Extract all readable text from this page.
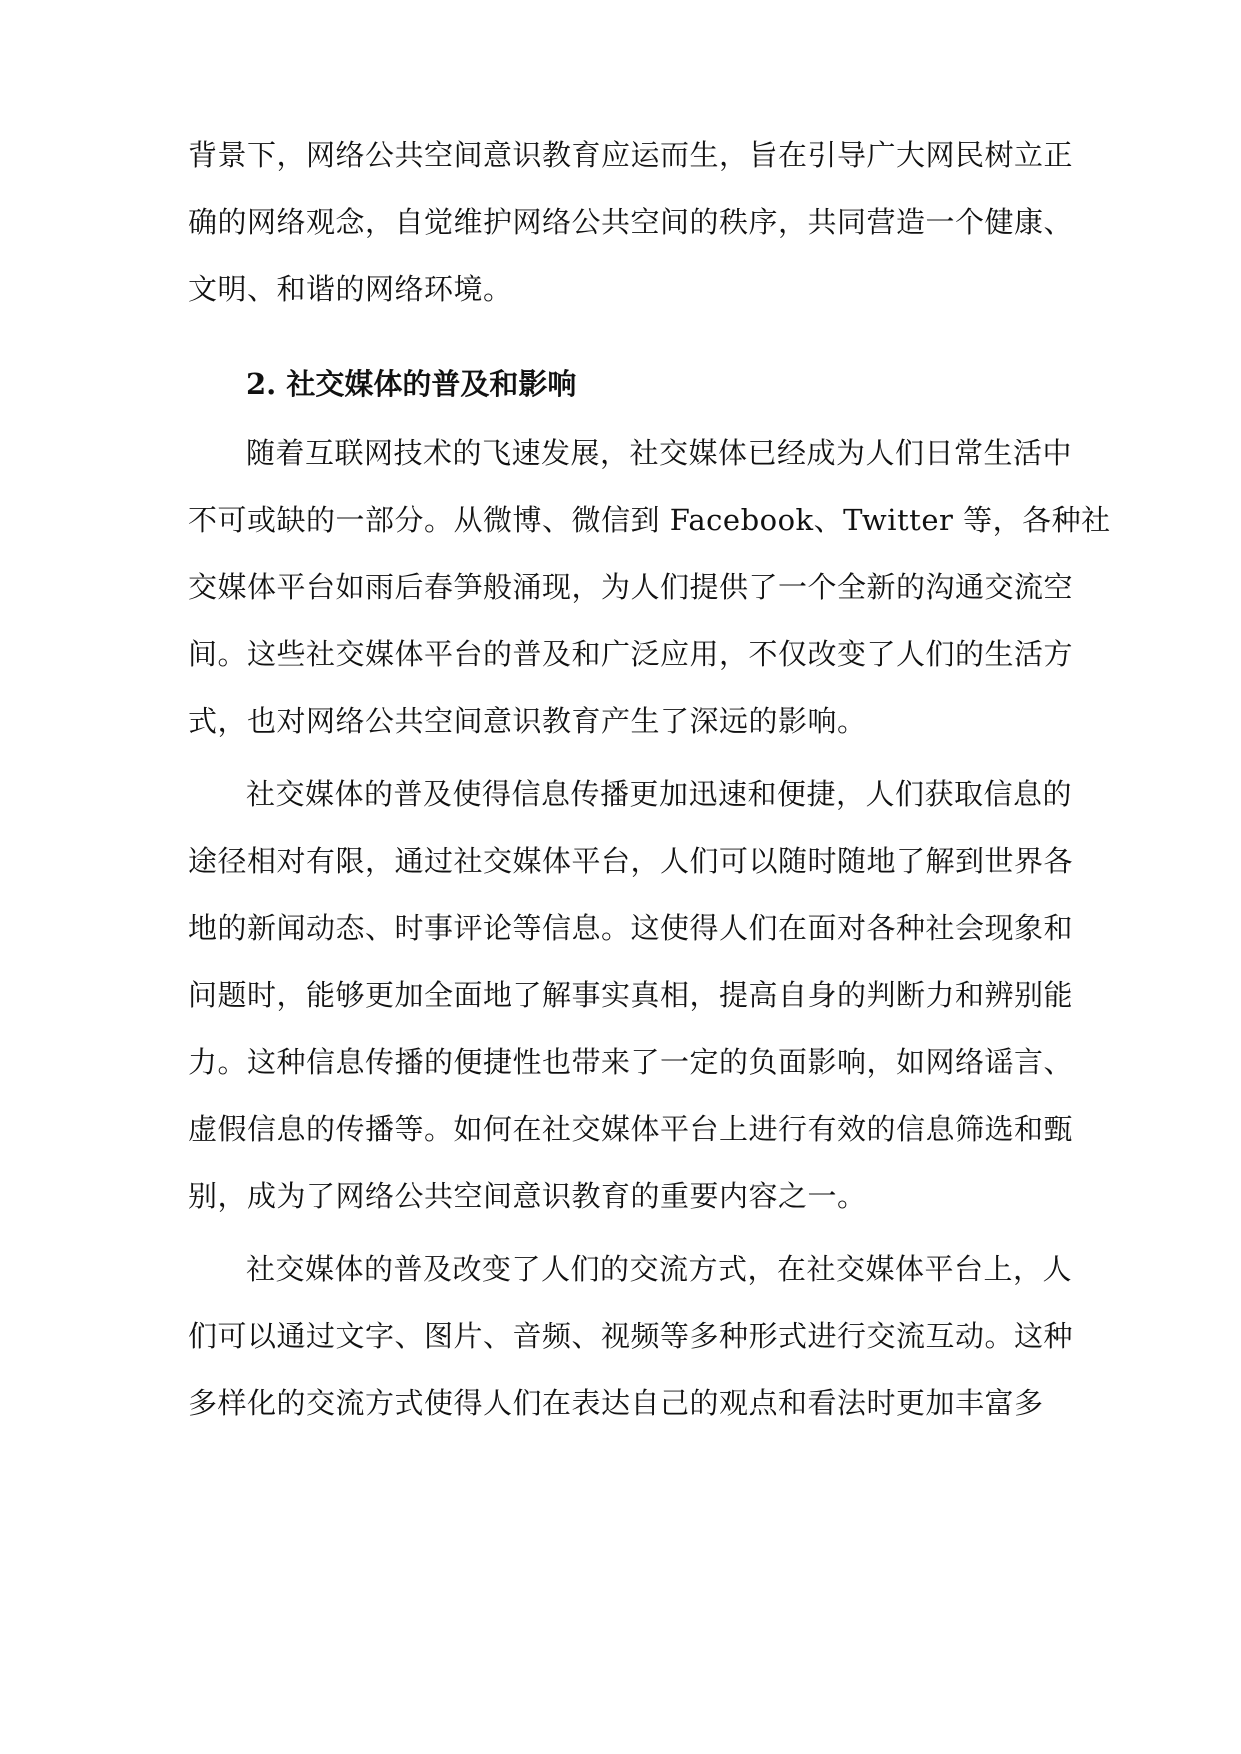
背景下，网络公共空间意识教育应运而生，旨在引导广大网民树立正
确的网络观念，自觉维护网络公共空间的秩序，共同营造一个健康、
文明、和谐的网络环境。
2. 社交媒体的普及和影响
随着互联网技术的飞速发展，社交媒体已经成为人们日常生活中
不可或缺的一部分。从微博、微信到 Facebook、Twitter 等，各种社
交媒体平台如雨后春笋般涌现，为人们提供了一个全新的沟通交流空
间。这些社交媒体平台的普及和广泛应用，不仅改变了人们的生活方
式，也对网络公共空间意识教育产生了深远的影响。
社交媒体的普及使得信息传播更加迅速和便捷，人们获取信息的
途径相对有限，通过社交媒体平台，人们可以随时随地了解到世界各
地的新闻动态、时事评论等信息。这使得人们在面对各种社会现象和
问题时，能够更加全面地了解事实真相，提高自身的判断力和辨别能
力。这种信息传播的便捷性也带来了一定的负面影响，如网络谣言、
虚假信息的传播等。如何在社交媒体平台上进行有效的信息筛选和甄
别，成为了网络公共空间意识教育的重要内容之一。
社交媒体的普及改变了人们的交流方式，在社交媒体平台上，人
们可以通过文字、图片、音频、视频等多种形式进行交流互动。这种
多样化的交流方式使得人们在表达自己的观点和看法时更加丰富多
